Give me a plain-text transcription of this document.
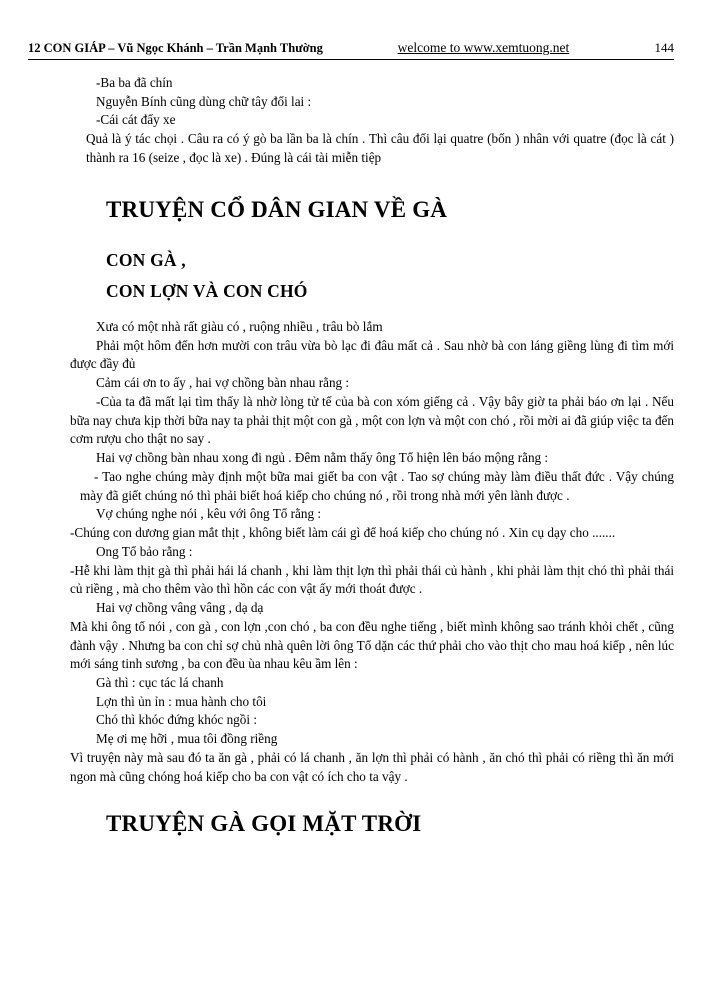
12 CON GIÁP – Vũ Ngọc Khánh – Trần Mạnh Thường	welcome to www.xemtuong.net	144

-Ba ba đã chín

Nguyễn Bính cũng dùng chữ tây đối lai :

-Cái cát đẩy xe

Quả là ý tác chọi . Câu ra có ý gò ba lần ba là chín . Thì câu đối lại quatre (bốn ) nhân với quatre (đọc là cát ) thành ra 16 (seize , đọc là xe) . Đúng là cái tài miễn tiệp

TRUYỆN CỔ DÂN GIAN VỀ GÀ
CON GÀ ,
CON LỢN VÀ CON CHÓ

Xưa có một nhà rất giàu có , ruộng nhiều , trâu bò lắm

Phải một hôm đến hơn mười con trâu vừa bò lạc đi đâu mất cả . Sau nhờ bà con láng giềng lùng đi tìm mới được đầy đủ

Cảm cái ơn to ấy , hai vợ chồng bàn nhau rằng :

-Của ta đã mất lại tìm thấy là nhờ lòng tử tế của bà con xóm giếng cả . Vậy bây giờ ta phải báo ơn lại . Nếu bữa nay chưa kịp thời bữa nay ta phải thịt một con gà , một con lợn và một con chó , rồi mời ai đã giúp việc ta đến cơm rượu cho thật no say .

Hai vợ chồng bàn nhau xong đi ngủ . Đêm nằm thấy ông Tổ hiện lên báo mộng rằng :

- Tao nghe chúng mày định một bữa mai giết ba con vật . Tao sợ chúng mày làm điều thất đức . Vậy chúng mày đã giết chúng nó thì phải biết hoá kiếp cho chúng nó , rồi trong nhà mới yên lành được .

Vợ chúng nghe nói , kêu với ông Tổ rằng :

-Chúng con dương gian mắt thịt , không biết làm cái gì để hoá kiếp cho chúng nó . Xin cụ dạy cho .......

Ong Tổ bảo rằng :

-Hễ khi làm thịt gà thì phải hái lá chanh , khi làm thịt lợn thì phải thái củ hành , khi phải làm thịt chó thì phải thái củ riềng , mà cho thêm vào thì hồn các con vật ấy mới thoát được .

Hai vợ chồng vâng vâng , dạ dạ

Mà khi ông tổ nói , con gà , con lợn ,con chó , ba con đều nghe tiếng , biết mình không sao tránh khỏi chết , cũng đành vậy . Nhưng ba con chỉ sợ chủ nhà quên lời ông Tổ dặn các thứ phải cho vào thịt cho mau hoá kiếp , nên lúc mới sáng tinh sương , ba con đều ùa nhau kêu ầm lên :

Gà thì : cục tác lá chanh

Lợn thì ủn ỉn : mua hành cho tôi

Chó thì khóc đứng khóc ngồi :

Mẹ ơi mẹ hỡi , mua tôi đồng riềng

Vì truyện này mà sau đó ta ăn gà , phải có lá chanh , ăn lợn thì phải có hành , ăn chó thì phải có riềng thì ăn mới ngon mà cũng chóng hoá kiếp cho ba con vật có ích cho ta vậy .

TRUYỆN GÀ GỌI MẶT TRỜI
